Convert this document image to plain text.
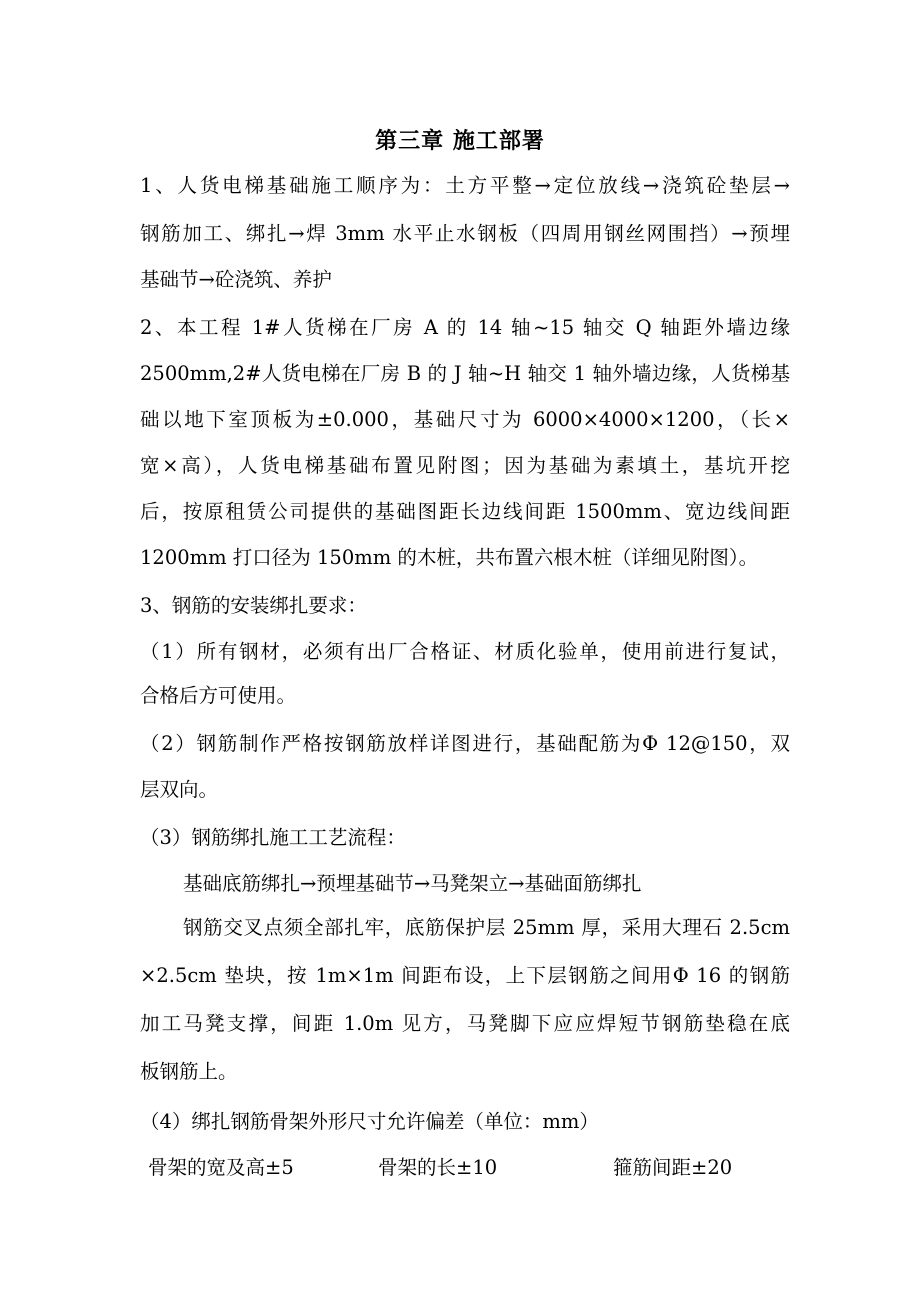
第三章 施工部署
1、人货电梯基础施工顺序为：土方平整→定位放线→浇筑砼垫层→
钢筋加工、绑扎→焊 3mm 水平止水钢板（四周用钢丝网围挡）→预埋
基础节→砼浇筑、养护
2、本工程 1#人货梯在厂房 A 的 14 轴~15 轴交 Q 轴距外墙边缘
2500mm,2#人货电梯在厂房 B 的 J 轴~H 轴交 1 轴外墙边缘，人货梯基
础以地下室顶板为±0.000，基础尺寸为 6000×4000×1200，（长×
宽×高），人货电梯基础布置见附图；因为基础为素填土，基坑开挖
后，按原租赁公司提供的基础图距长边线间距 1500mm、宽边线间距
1200mm 打口径为 150mm 的木桩，共布置六根木桩（详细见附图）。
3、钢筋的安装绑扎要求：
（1）所有钢材，必须有出厂合格证、材质化验单，使用前进行复试，
合格后方可使用。
（2）钢筋制作严格按钢筋放样详图进行，基础配筋为Φ 12@150，双
层双向。
（3）钢筋绑扎施工工艺流程：
基础底筋绑扎→预埋基础节→马凳架立→基础面筋绑扎
钢筋交叉点须全部扎牢，底筋保护层 25mm 厚，采用大理石 2.5cm
×2.5cm 垫块，按 1m×1m 间距布设，上下层钢筋之间用Φ 16 的钢筋
加工马凳支撑，间距 1.0m 见方，马凳脚下应应焊短节钢筋垫稳在底
板钢筋上。
（4）绑扎钢筋骨架外形尺寸允许偏差（单位：mm）
骨架的宽及高±5	骨架的长±10	箍筋间距±20
